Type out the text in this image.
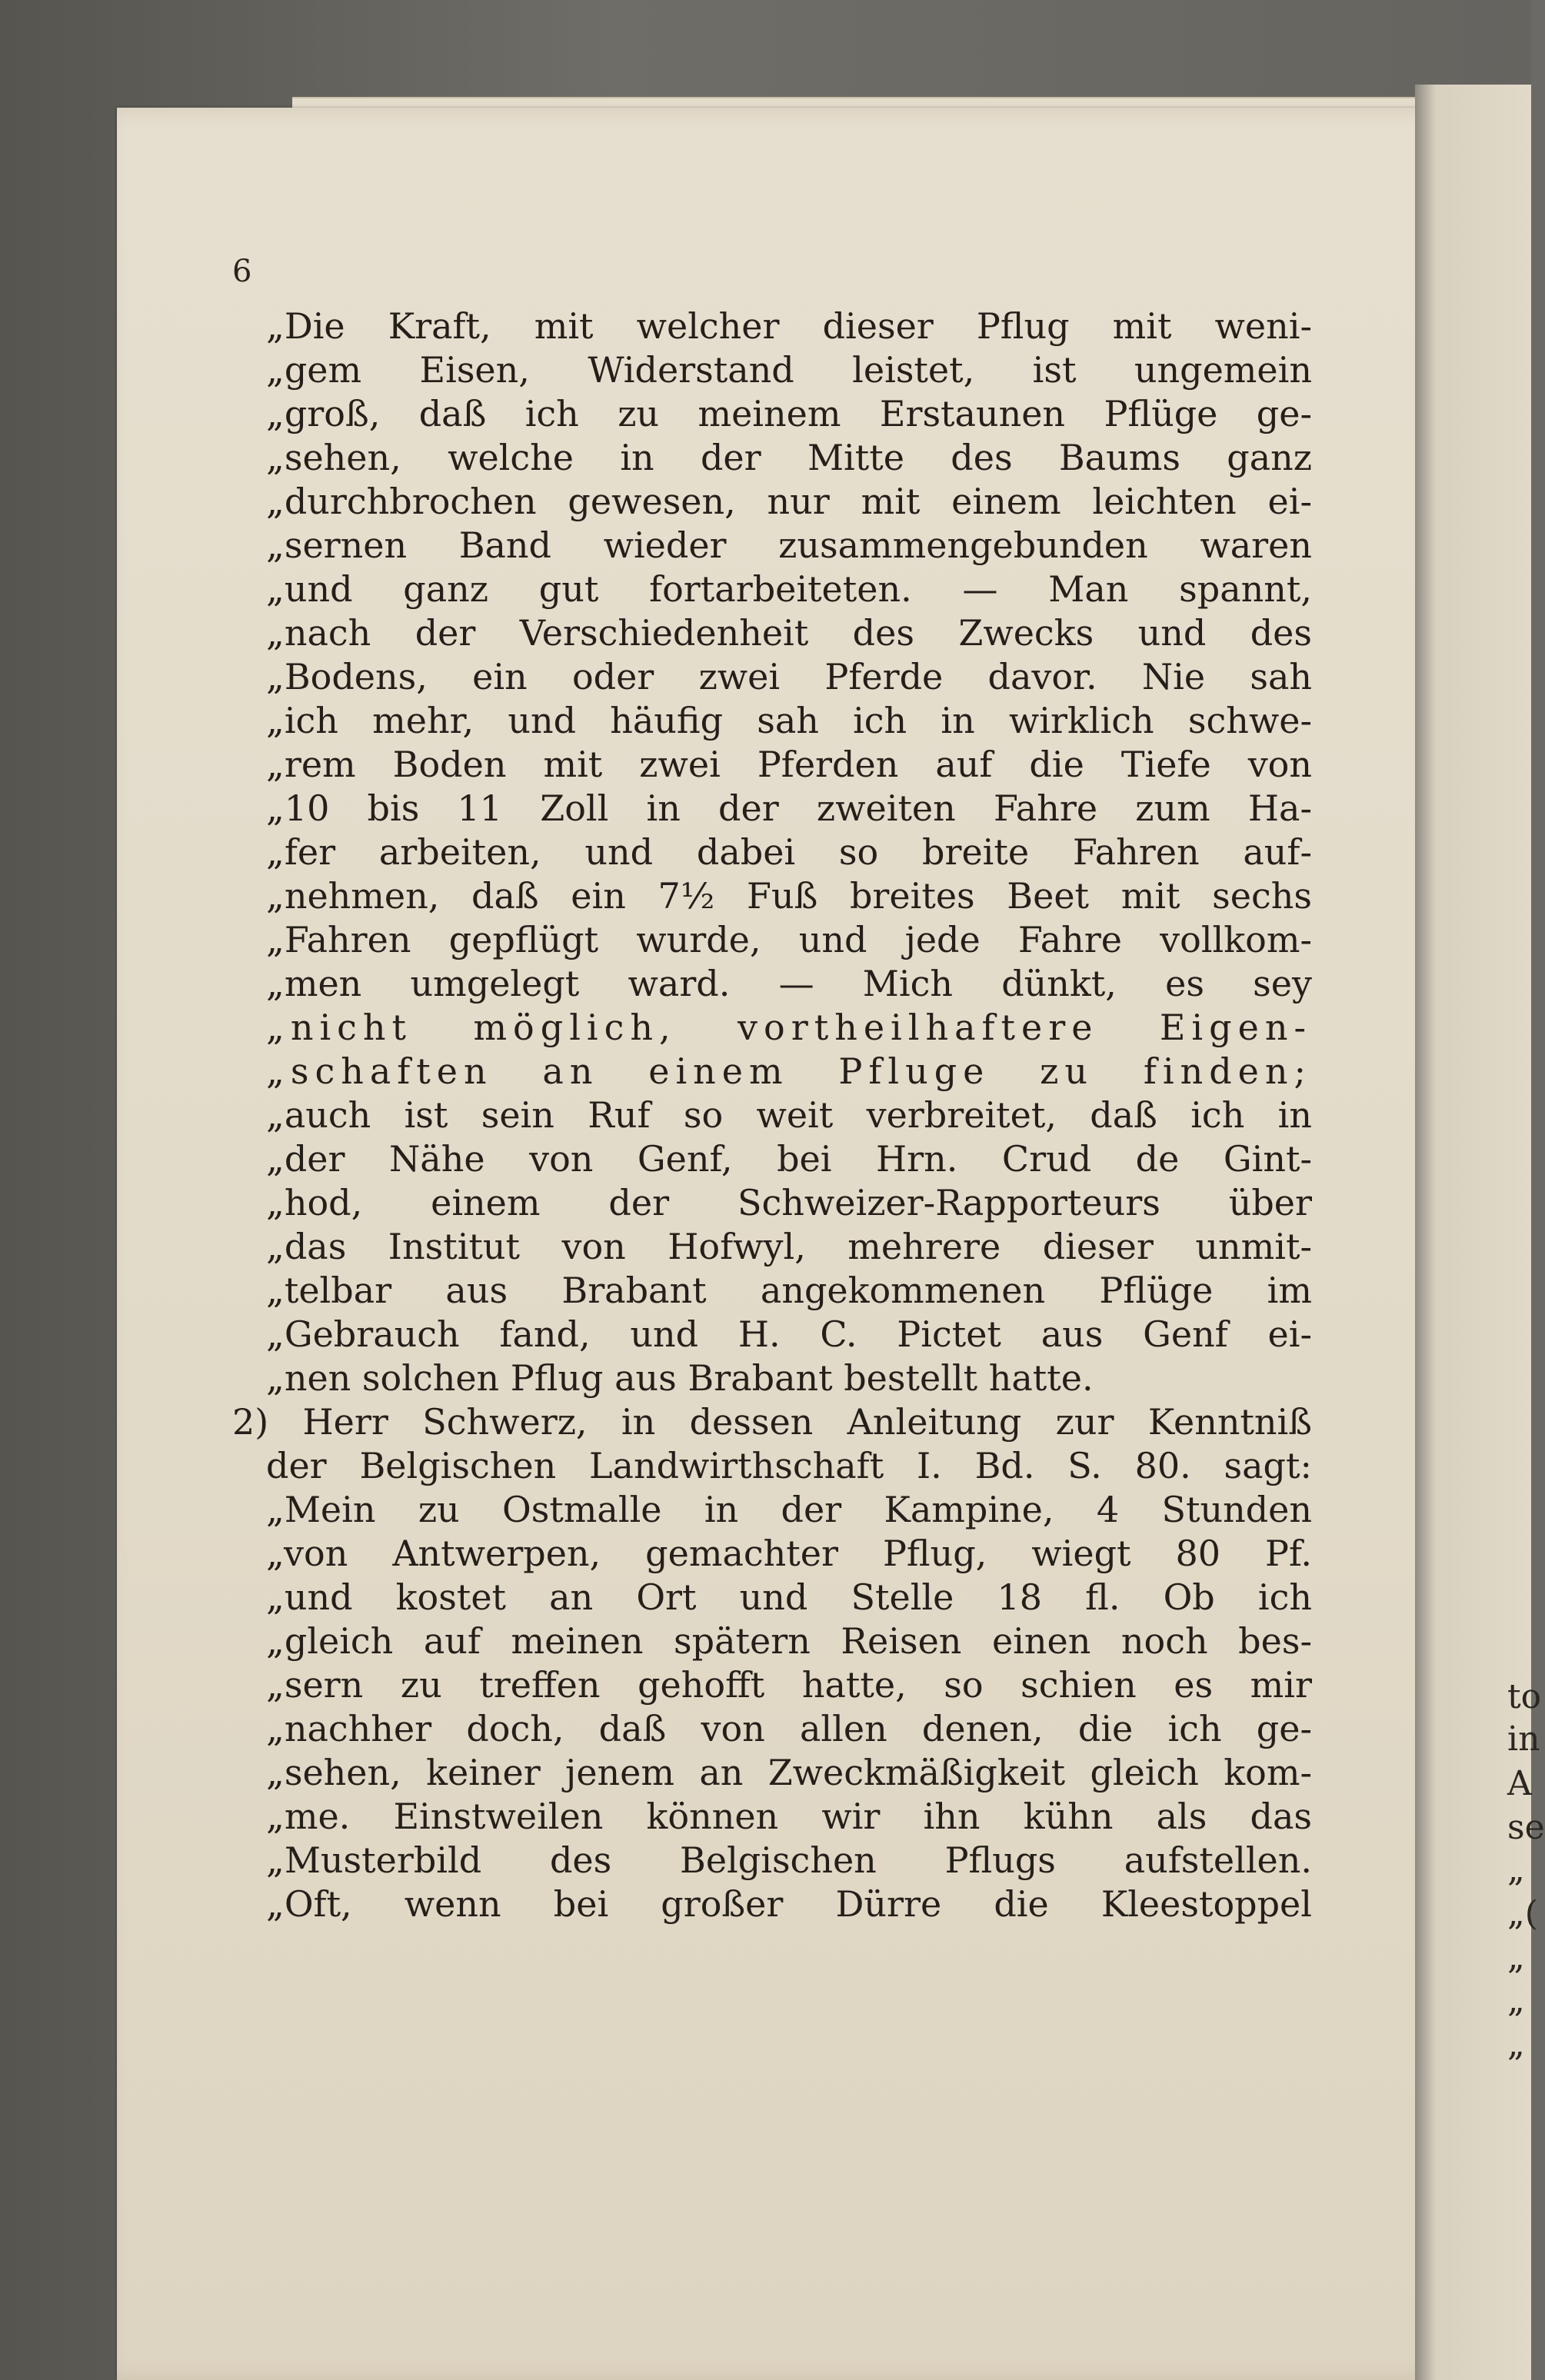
to
in
A
se
„
„(
„
„
„
6
„Die Kraft, mit welcher dieser Pflug mit weni‐
„gem Eisen, Widerstand leistet, ist ungemein
„groß, daß ich zu meinem Erstaunen Pflüge ge‐
„sehen, welche in der Mitte des Baums ganz
„durchbrochen gewesen, nur mit einem leichten ei‐
„sernen Band wieder zusammengebunden waren
„und ganz gut fortarbeiteten. — Man spannt,
„nach der Verschiedenheit des Zwecks und des
„Bodens, ein oder zwei Pferde davor. Nie sah
„ich mehr, und häufig sah ich in wirklich schwe‐
„rem Boden mit zwei Pferden auf die Tiefe von
„10 bis 11 Zoll in der zweiten Fahre zum Ha‐
„fer arbeiten, und dabei so breite Fahren auf‐
„nehmen, daß ein 7½ Fuß breites Beet mit sechs
„Fahren gepflügt wurde, und jede Fahre vollkom‐
„men umgelegt ward. — Mich dünkt, es sey
„nicht möglich, vortheilhaftere Eigen‐
„schaften an einem Pfluge zu finden;
„auch ist sein Ruf so weit verbreitet, daß ich in
„der Nähe von Genf, bei Hrn. Crud de Gint‐
„hod, einem der Schweizer‐Rapporteurs über
„das Institut von Hofwyl, mehrere dieser unmit‐
„telbar aus Brabant angekommenen Pflüge im
„Gebrauch fand, und H. C. Pictet aus Genf ei‐
„nen solchen Pflug aus Brabant bestellt hatte.
2) Herr Schwerz, in dessen Anleitung zur Kenntniß
der Belgischen Landwirthschaft I. Bd. S. 80. sagt:
„Mein zu Ostmalle in der Kampine, 4 Stunden
„von Antwerpen, gemachter Pflug, wiegt 80 Pf.
„und kostet an Ort und Stelle 18 fl. Ob ich
„gleich auf meinen spätern Reisen einen noch bes‐
„sern zu treffen gehofft hatte, so schien es mir
„nachher doch, daß von allen denen, die ich ge‐
„sehen, keiner jenem an Zweckmäßigkeit gleich kom‐
„me. Einstweilen können wir ihn kühn als das
„Musterbild des Belgischen Pflugs aufstellen.
„Oft, wenn bei großer Dürre die Kleestoppel
